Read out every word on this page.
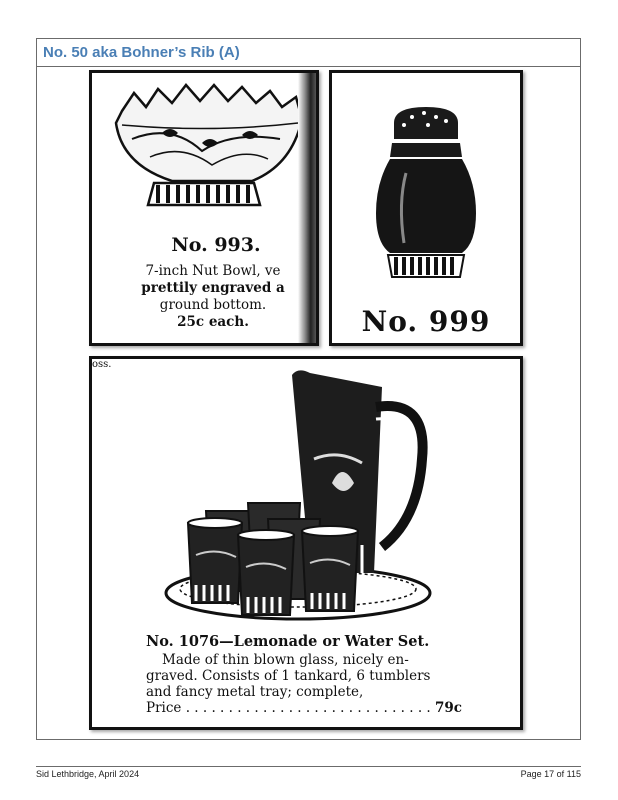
No. 50 aka Bohner’s Rib (A)
No. 993.
7-inch Nut Bowl, ve
prettily engraved a
ground bottom.
25c each.	No. 999
oss.
No. 1076—Lemonade or Water Set.
Made of thin blown glass, nicely en-
graved. Consists of 1 tankard, 6 tumblers
and fancy metal tray; complete,
Price . . . . . . . . . . . . . . . . . . . . . . . . . . . . . 79c
Sid Lethbridge, April 2024	Page 17 of 115
